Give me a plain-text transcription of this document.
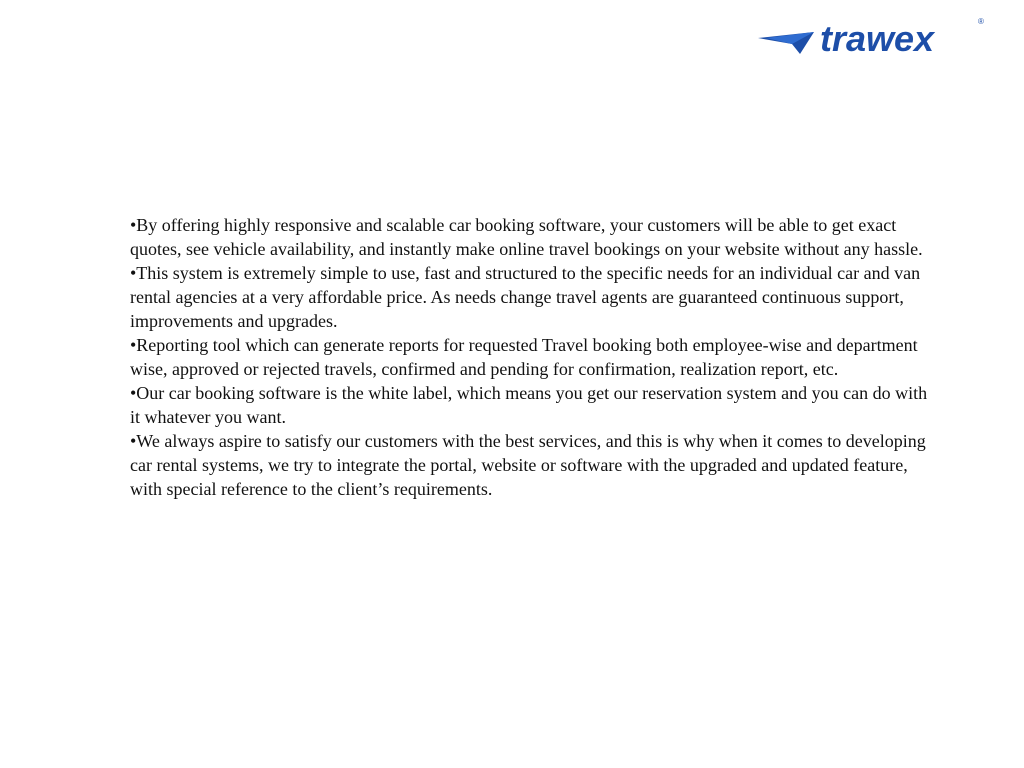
trawex	®

•By offering highly responsive and scalable car booking software, your customers will be able to get exact quotes, see vehicle availability, and instantly make online travel bookings on your website without any hassle.

•This system is extremely simple to use, fast and structured to the specific needs for an individual car and van rental agencies at a very affordable price. As needs change travel agents are guaranteed continuous support, improvements and upgrades.

•Reporting tool which can generate reports for requested Travel booking both employee-wise and department wise, approved or rejected travels, confirmed and pending for confirmation, realization report, etc.

•Our car booking software is the white label, which means you get our reservation system and you can do with it whatever you want.

•We always aspire to satisfy our customers with the best services, and this is why when it comes to developing car rental systems, we try to integrate the portal, website or software with the upgraded and updated feature, with special reference to the client’s requirements.
